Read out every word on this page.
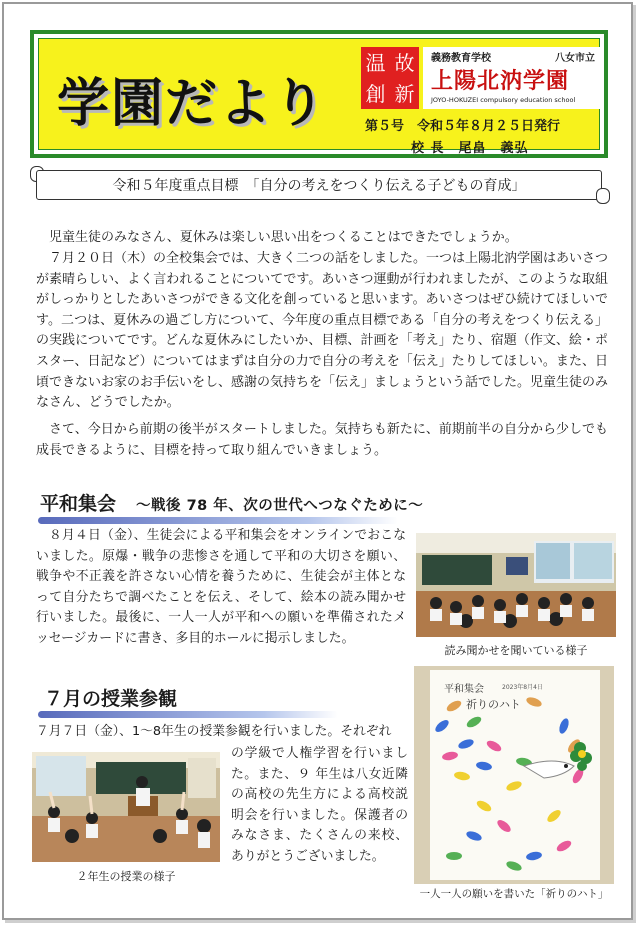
学園だより
温 故
創 新
義務教育学校	八女市立
上陽北汭学園
JOYO-HOKUZEI compulsory education school
第５号　令和５年８月２５日発行
校 長　尾畠　義弘
令和５年度重点目標　「自分の考えをつくり伝える子どもの育成」

児童生徒のみなさん、夏休みは楽しい思い出をつくることはできたでしょうか。

７月２０日（木）の全校集会では、大きく二つの話をしました。一つは上陽北汭学園はあいさつが素晴らしい、よく言われることについてです。あいさつ運動が行われましたが、このような取組がしっかりとしたあいさつができる文化を創っていると思います。あいさつはぜひ続けてほしいです。二つは、夏休みの過ごし方について、今年度の重点目標である「自分の考えをつくり伝える」の実践についてです。どんな夏休みにしたいか、目標、計画を「考え」たり、宿題（作文、絵・ポスター、日記など）についてはまずは自分の力で自分の考えを「伝え」たりしてほしい。また、日頃できないお家のお手伝いをし、感謝の気持ちを「伝え」ましょうという話でした。児童生徒のみなさん、どうでしたか。

さて、今日から前期の後半がスタートしました。気持ちも新たに、前期前半の自分から少しでも成長できるように、目標を持って取り組んでいきましょう。

平和集会 ～戦後 78 年、次の世代へつなぐために～

８月４日（金）、生徒会による平和集会をオンラインでおこないました。原爆・戦争の悲惨さを通して平和の大切さを願い、戦争や不正義を許さない心情を養うために、生徒会が主体となって自分たちで調べたことを伝え、そして、絵本の読み聞かせ行いました。最後に、一人一人が平和への願いを準備されたメッセージカードに書き、多目的ホールに掲示しました。

読み聞かせを聞いている様子
平和集会	2023年8月4日
祈りのハト
一人一人の願いを書いた「祈りのハト」
７月の授業参観

７月７日（金）、1～8年生の授業参観を行いました。それぞれ

の学級で人権学習を行いました。また、９ 年生は八女近隣の高校の先生方による高校説明会を行いました。保護者のみなさま、たくさんの来校、ありがとうございました。

２年生の授業の様子
